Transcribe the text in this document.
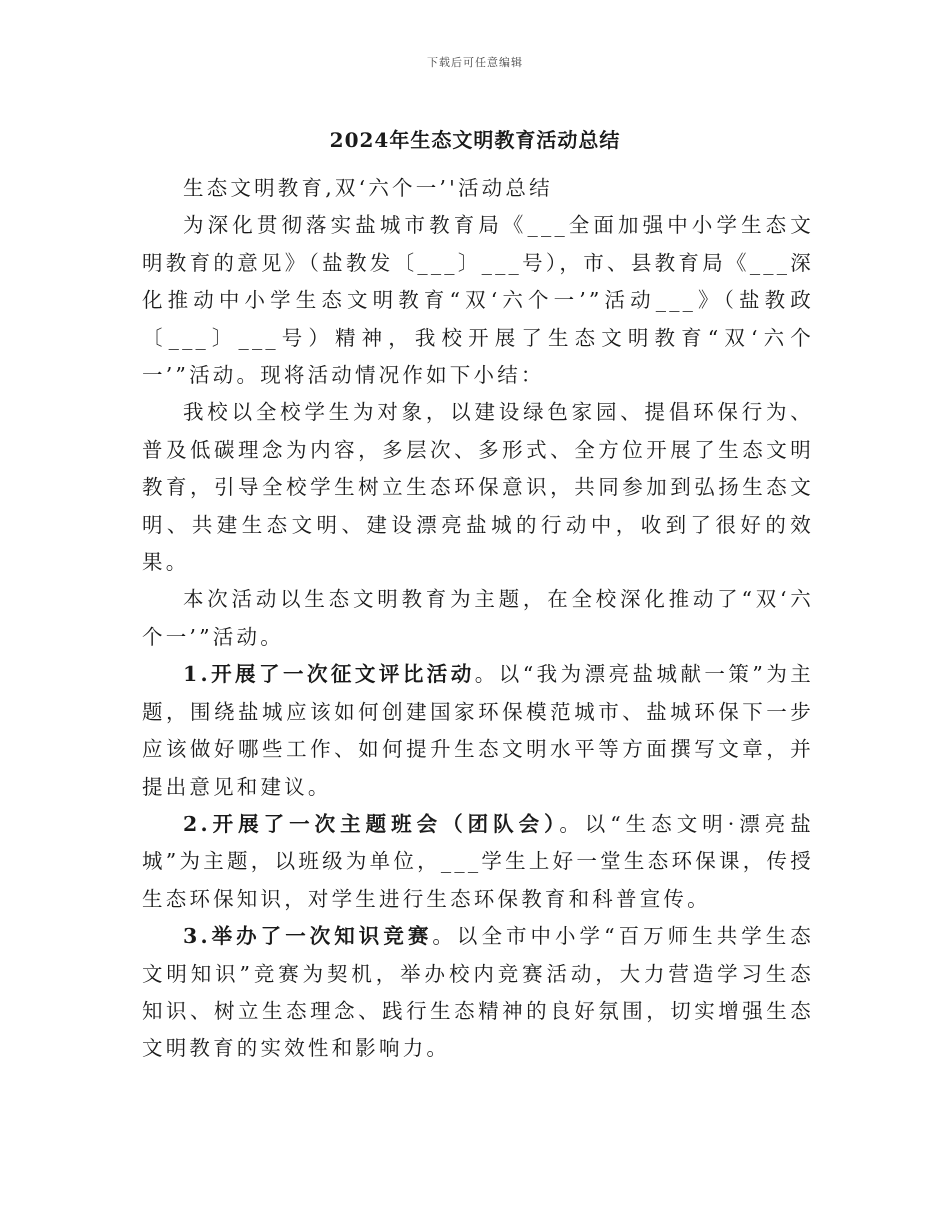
下载后可任意编辑
2024年生态文明教育活动总结

生态文明教育,双‘六个一’'活动总结

为深化贯彻落实盐城市教育局《___全面加强中小学生态文明教育的意见》（盐教发〔___〕___号），市、县教育局《___深化推动中小学生态文明教育“双‘六个一’”活动___》（盐教政〔___〕___号）精神，我校开展了生态文明教育“双‘六个一’”活动。现将活动情况作如下小结：

我校以全校学生为对象，以建设绿色家园、提倡环保行为、普及低碳理念为内容，多层次、多形式、全方位开展了生态文明教育，引导全校学生树立生态环保意识，共同参加到弘扬生态文明、共建生态文明、建设漂亮盐城的行动中，收到了很好的效果。

本次活动以生态文明教育为主题，在全校深化推动了“双‘六个一’”活动。

1.开展了一次征文评比活动。以“我为漂亮盐城献一策”为主题，围绕盐城应该如何创建国家环保模范城市、盐城环保下一步应该做好哪些工作、如何提升生态文明水平等方面撰写文章，并提出意见和建议。

2.开展了一次主题班会（团队会）。以“生态文明·漂亮盐城”为主题，以班级为单位，___学生上好一堂生态环保课，传授生态环保知识，对学生进行生态环保教育和科普宣传。

3.举办了一次知识竞赛。以全市中小学“百万师生共学生态文明知识”竞赛为契机，举办校内竞赛活动，大力营造学习生态知识、树立生态理念、践行生态精神的良好氛围，切实增强生态文明教育的实效性和影响力。
